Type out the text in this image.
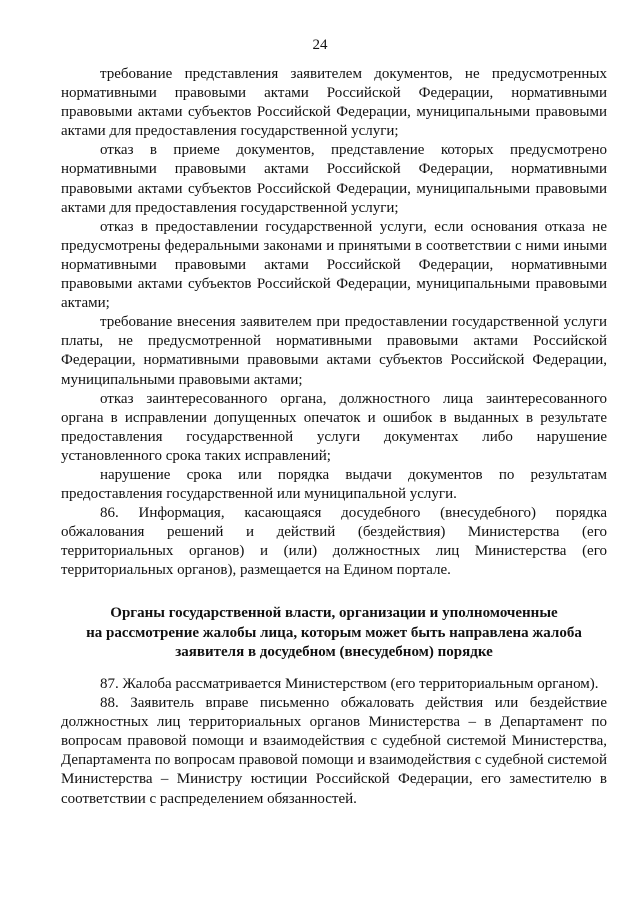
24

требование представления заявителем документов, не предусмотренных нормативными правовыми актами Российской Федерации, нормативными правовыми актами субъектов Российской Федерации, муниципальными правовыми актами для предоставления государственной услуги;

отказ в приеме документов, представление которых предусмотрено нормативными правовыми актами Российской Федерации, нормативными правовыми актами субъектов Российской Федерации, муниципальными правовыми актами для предоставления государственной услуги;

отказ в предоставлении государственной услуги, если основания отказа не предусмотрены федеральными законами и принятыми в соответствии с ними иными нормативными правовыми актами Российской Федерации, нормативными правовыми актами субъектов Российской Федерации, муниципальными правовыми актами;

требование внесения заявителем при предоставлении государственной услуги платы, не предусмотренной нормативными правовыми актами Российской Федерации, нормативными правовыми актами субъектов Российской Федерации, муниципальными правовыми актами;

отказ заинтересованного органа, должностного лица заинтересованного органа в исправлении допущенных опечаток и ошибок в выданных в результате предоставления государственной услуги документах либо нарушение установленного срока таких исправлений;

нарушение срока или порядка выдачи документов по результатам предоставления государственной или муниципальной услуги.

86. Информация, касающаяся досудебного (внесудебного) порядка обжалования решений и действий (бездействия) Министерства (его территориальных органов) и (или) должностных лиц Министерства (его территориальных органов), размещается на Едином портале.

Органы государственной власти, организации и уполномоченные
на рассмотрение жалобы лица, которым может быть направлена жалоба
заявителя в досудебном (внесудебном) порядке

87. Жалоба рассматривается Министерством (его территориальным органом).

88. Заявитель вправе письменно обжаловать действия или бездействие должностных лиц территориальных органов Министерства – в Департамент по вопросам правовой помощи и взаимодействия с судебной системой Министерства, Департамента по вопросам правовой помощи и взаимодействия с судебной системой Министерства – Министру юстиции Российской Федерации, его заместителю в соответствии с распределением обязанностей.
